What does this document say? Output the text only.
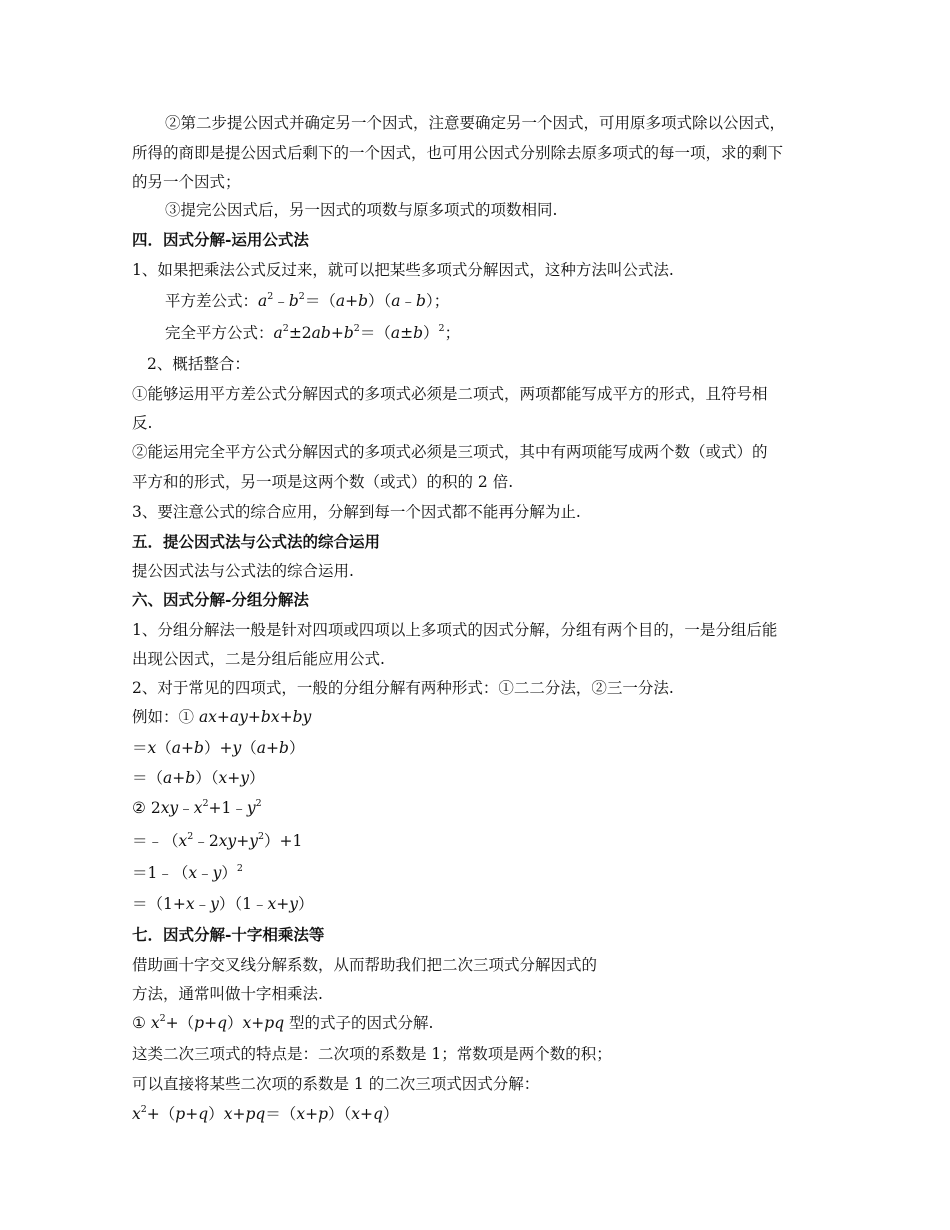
②第二步提公因式并确定另一个因式，注意要确定另一个因式，可用原多项式除以公因式，

所得的商即是提公因式后剩下的一个因式，也可用公因式分别除去原多项式的每一项，求的剩下

的另一个因式；

③提完公因式后，另一因式的项数与原多项式的项数相同.

四．因式分解-运用公式法

1、如果把乘法公式反过来，就可以把某些多项式分解因式，这种方法叫公式法.

平方差公式：$a^2﹣b^2=(a+b)(a﹣b)$；

完全平方公式：$a^2\pm 2ab+b^2=(a\pm b)^2$；

2、概括整合：

①能够运用平方差公式分解因式的多项式必须是二项式，两项都能写成平方的形式，且符号相

反.

②能运用完全平方公式分解因式的多项式必须是三项式，其中有两项能写成两个数（或式）的

平方和的形式，另一项是这两个数（或式）的积的 2 倍.

3、要注意公式的综合应用，分解到每一个因式都不能再分解为止.

五．提公因式法与公式法的综合运用

提公因式法与公式法的综合运用.

六、因式分解-分组分解法

1、分组分解法一般是针对四项或四项以上多项式的因式分解，分组有两个目的，一是分组后能

出现公因式，二是分组后能应用公式.

2、对于常见的四项式，一般的分组分解有两种形式：①二二分法，②三一分法.

例如：① ax+ay+bx+by

＝x（a+b）+y（a+b）

＝（a+b）（x+y）

② $2xy﹣x^2+1﹣y^2$

$=﹣(x^2﹣2xy+y^2)+1$

＝1﹣（x﹣y）$^2$

＝（1+x﹣y）（1﹣x+y）

七．因式分解-十字相乘法等

借助画十字交叉线分解系数，从而帮助我们把二次三项式分解因式的

方法，通常叫做十字相乘法.

① $x^2+(p+q)x+pq$ 型的式子的因式分解.

这类二次三项式的特点是：二次项的系数是 1；常数项是两个数的积；

可以直接将某些二次项的系数是 1 的二次三项式因式分解：

$x^2+(p+q)x+pq=(x+p)(x+q)$
